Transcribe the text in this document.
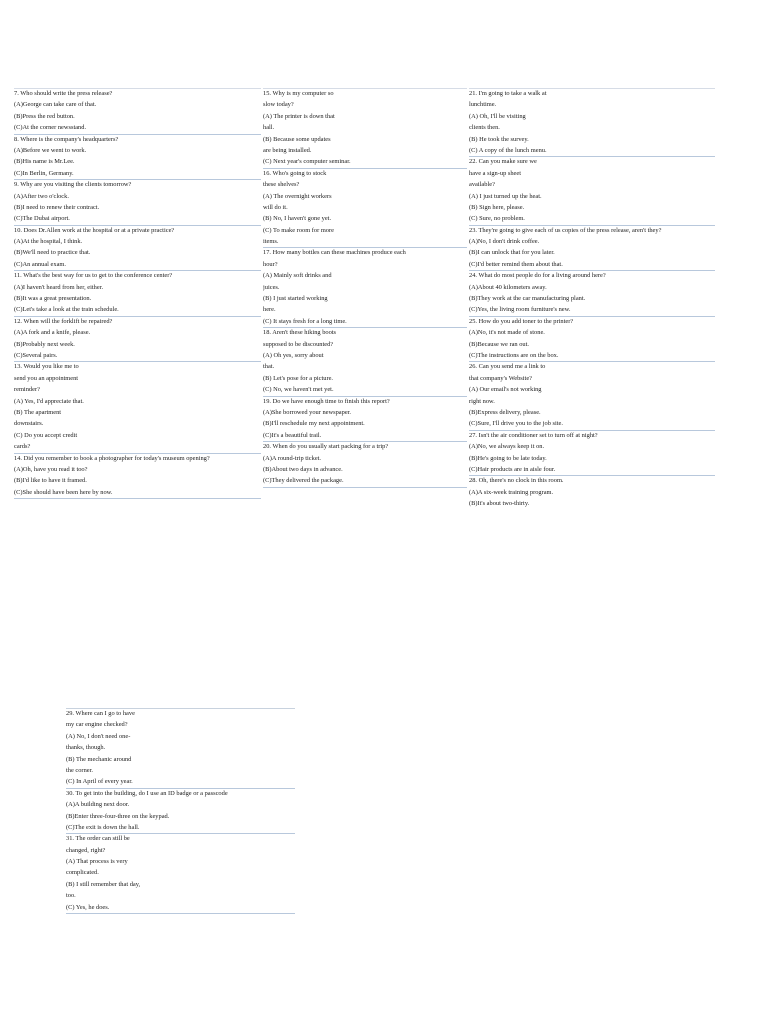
7. Who should write the press release?
(A)George can take care of that.
(B)Press the red button.
(C)At the corner newsstand.
8. Where is the company's headquarters?
(A)Before we went to work.
(B)His name is Mr.Lee.
(C)In Berlin, Germany.
9. Why are you visiting the clients tomorrow?
(A)After two o'clock.
(B)I need to renew their contract.
(C)The Dubai airport.
10. Does Dr.Allen work at the hospital or at a private practice?
(A)At the hospital, I think.
(B)We'll need to practice that.
(C)An annual exam.
11. What's the best way for us to get to the conference center?
(A)I haven't heard from her, either.
(B)It was a great presentation.
(C)Let's take a look at the train schedule.
12. When will the forklift be repaired?
(A)A fork and a knife, please.
(B)Probably next week.
(C)Several pairs.
13. Would you like me to
send you an appointment
reminder?
(A) Yes, I'd appreciate that.
(B) The apartment
downstairs.
(C) Do you accept credit
cards?
14. Did you remember to book a photographer for today's museum opening?
(A)Oh, have you read it too?
(B)I'd like to have it framed.
(C)She should have been here by now.
15. Why is my computer so
slow today?
(A) The printer is down that
hall.
(B) Because some updates
are being installed.
(C) Next year's computer seminar.
16. Who's going to stock
these shelves?
(A) The overnight workers
will do it.
(B) No, I haven't gone yet.
(C) To make room for more
items.
17. How many bottles can these machines produce each
hour?
(A) Mainly soft drinks and
juices.
(B) I just started working
here.
(C) It stays fresh for a long time.
18. Aren't these hiking boots
supposed to be discounted?
(A) Oh yes, sorry about
that.
(B) Let's pose for a picture.
(C) No, we haven't met yet.
19. Do we have enough time to finish this report?
(A)She borrowed your newspaper.
(B)I'll reschedule my next appointment.
(C)It's a beautiful trail.
20. When do you usually start packing for a trip?
(A)A round-trip ticket.
(B)About two days in advance.
(C)They delivered the package.
21. I'm going to take a walk at
lunchtime.
(A) Oh, I'll be visiting
clients then.
(B) He took the survey.
(C) A copy of the lunch menu.
22. Can you make sure we
have a sign-up sheet
available?
(A) I just turned up the heat.
(B) Sign here, please.
(C) Sure, no problem.
23. They're going to give each of us copies of the press release, aren't they?
(A)No, I don't drink coffee.
(B)I can unlock that for you later.
(C)I'd better remind them about that.
24. What do most people do for a living around here?
(A)About 40 kilometers away.
(B)They work at the car manufacturing plant.
(C)Yes, the living room furniture's new.
25. How do you add toner to the printer?
(A)No, it's not made of stone.
(B)Because we ran out.
(C)The instructions are on the box.
26. Can you send me a link to
that company's Website?
(A) Our email's not working
right now.
(B)Express delivery, please.
(C)Sure, I'll drive you to the job site.
27. Isn't the air conditioner set to turn off at night?
(A)No, we always keep it on.
(B)He's going to be late today.
(C)Hair products are in aisle four.
28. Oh, there's no clock in this room.
(A)A six-week training program.
(B)It's about two-thirty.
29. Where can I go to have
my car engine checked?
(A) No, I don't need one-
thanks, though.
(B) The mechanic around
the corner.
(C) In April of every year.
30. To get into the building, do I use an ID badge or a passcode
(A)A building next door.
(B)Enter three-four-three on the keypad.
(C)The exit is down the hall.
31. The order can still be
changed, right?
(A) That process is very
complicated.
(B) I still remember that day,
too.
(C) Yes, he does.
